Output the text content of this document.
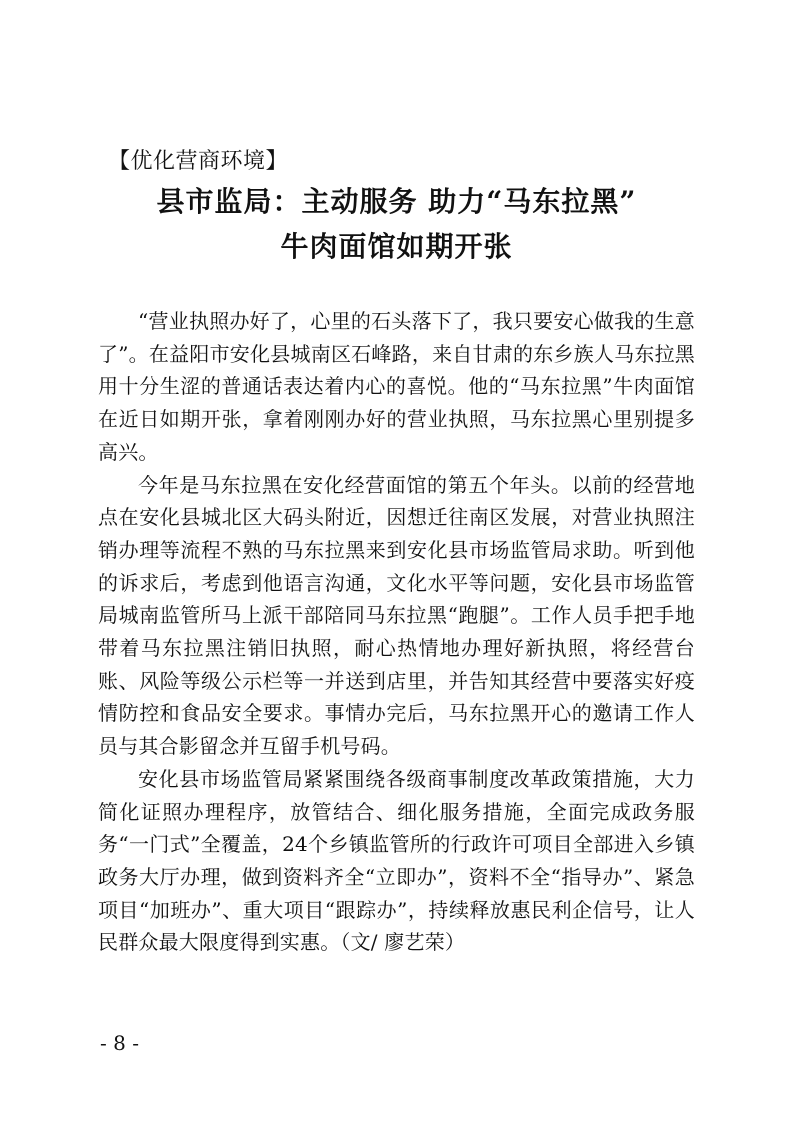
【优化营商环境】
县市监局：主动服务 助力“马东拉黑”
牛肉面馆如期开张

“营业执照办好了，心里的石头落下了，我只要安心做我的生意了”。在益阳市安化县城南区石峰路，来自甘肃的东乡族人马东拉黑用十分生涩的普通话表达着内心的喜悦。他的“马东拉黑”牛肉面馆在近日如期开张，拿着刚刚办好的营业执照，马东拉黑心里别提多高兴。

今年是马东拉黑在安化经营面馆的第五个年头。以前的经营地点在安化县城北区大码头附近，因想迁往南区发展，对营业执照注销办理等流程不熟的马东拉黑来到安化县市场监管局求助。听到他的诉求后，考虑到他语言沟通，文化水平等问题，安化县市场监管局城南监管所马上派干部陪同马东拉黑“跑腿”。工作人员手把手地带着马东拉黑注销旧执照，耐心热情地办理好新执照，将经营台账、风险等级公示栏等一并送到店里，并告知其经营中要落实好疫情防控和食品安全要求。事情办完后，马东拉黑开心的邀请工作人员与其合影留念并互留手机号码。

安化县市场监管局紧紧围绕各级商事制度改革政策措施，大力简化证照办理程序，放管结合、细化服务措施，全面完成政务服务“一门式”全覆盖，24个乡镇监管所的行政许可项目全部进入乡镇政务大厅办理，做到资料齐全“立即办”，资料不全“指导办”、紧急项目“加班办”、重大项目“跟踪办”，持续释放惠民利企信号，让人民群众最大限度得到实惠。（文/ 廖艺荣）

- 8 -
